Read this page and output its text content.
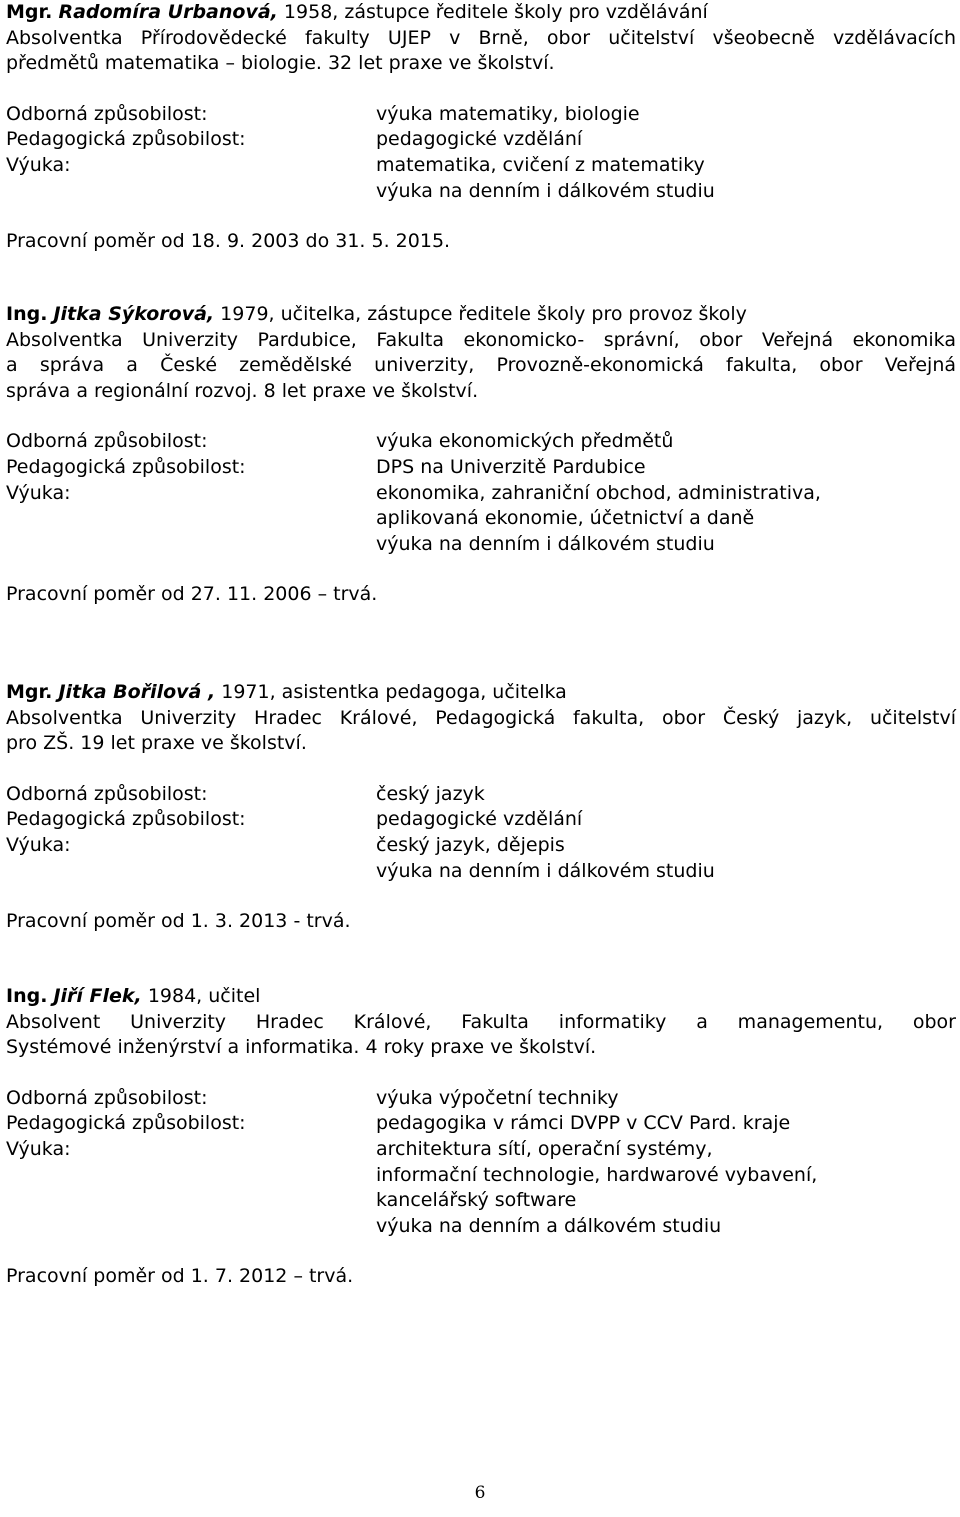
Mgr. Radomíra Urbanová, 1958, zástupce ředitele školy pro vzdělávání
Absolventka Přírodovědecké fakulty UJEP v Brně, obor učitelství všeobecně vzdělávacích
předmětů matematika – biologie. 32 let praxe ve školství.
Odborná způsobilost:
Pedagogická způsobilost:
Výuka:
výuka matematiky, biologie
pedagogické vzdělání
matematika, cvičení z matematiky
výuka na denním i dálkovém studiu
Pracovní poměr od 18. 9. 2003 do 31. 5. 2015.
Ing. Jitka Sýkorová, 1979, učitelka, zástupce ředitele školy pro provoz školy
Absolventka Univerzity Pardubice, Fakulta ekonomicko- správní, obor Veřejná ekonomika
a správa a České zemědělské univerzity, Provozně-ekonomická fakulta, obor Veřejná
správa a regionální rozvoj. 8 let praxe ve školství.
Odborná způsobilost:
Pedagogická způsobilost:
Výuka:
výuka ekonomických předmětů
DPS na Univerzitě Pardubice
ekonomika, zahraniční obchod, administrativa,
aplikovaná ekonomie, účetnictví a daně
výuka na denním i dálkovém studiu
Pracovní poměr od 27. 11. 2006 – trvá.
Mgr. Jitka Bořilová , 1971, asistentka pedagoga, učitelka
Absolventka Univerzity Hradec Králové, Pedagogická fakulta, obor Český jazyk, učitelství
pro ZŠ. 19 let praxe ve školství.
Odborná způsobilost:
Pedagogická způsobilost:
Výuka:
český jazyk
pedagogické vzdělání
český jazyk, dějepis
výuka na denním i dálkovém studiu
Pracovní poměr od 1. 3. 2013 - trvá.
Ing. Jiří Flek, 1984, učitel
Absolvent Univerzity Hradec Králové, Fakulta informatiky a managementu, obor
Systémové inženýrství a informatika. 4 roky praxe ve školství.
Odborná způsobilost:
Pedagogická způsobilost:
Výuka:
výuka výpočetní techniky
pedagogika v rámci DVPP v CCV Pard. kraje
architektura sítí, operační systémy,
informační technologie, hardwarové vybavení,
kancelářský software
výuka na denním a dálkovém studiu
Pracovní poměr od 1. 7. 2012 – trvá.
6
